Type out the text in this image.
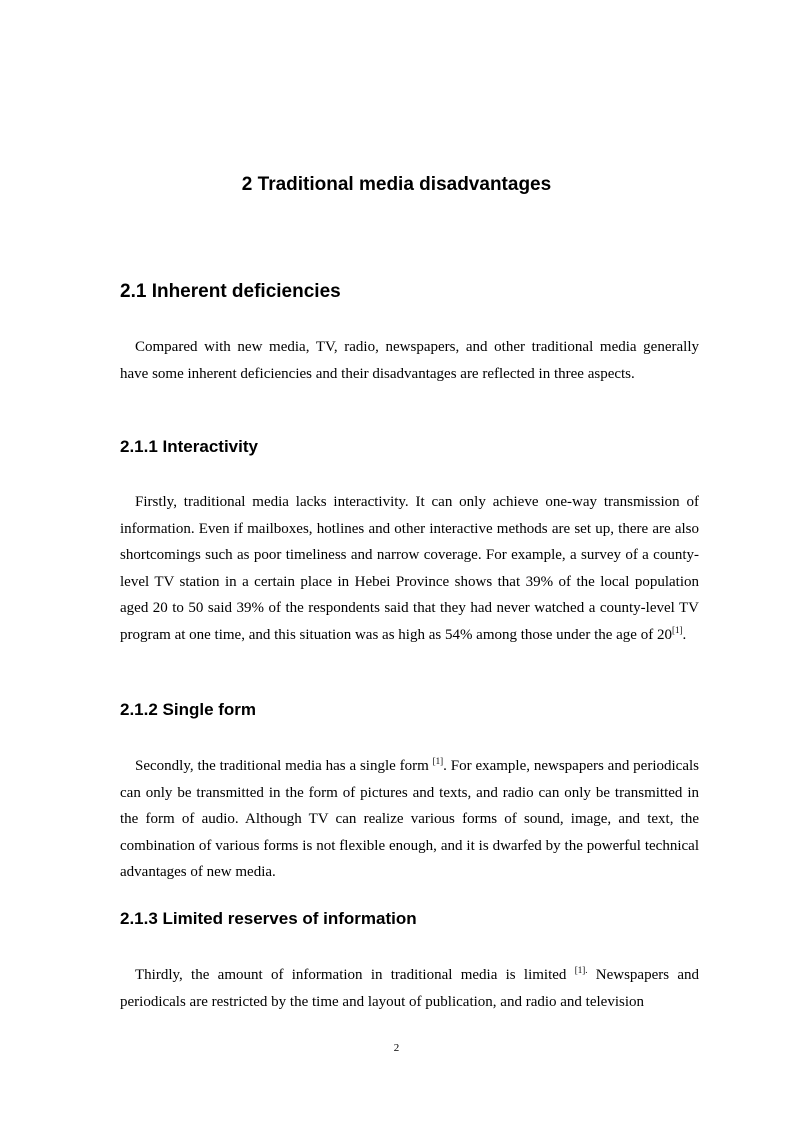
2 Traditional media disadvantages
2.1 Inherent deficiencies

Compared with new media, TV, radio, newspapers, and other traditional media generally have some inherent deficiencies and their disadvantages are reflected in three aspects.

2.1.1 Interactivity

Firstly, traditional media lacks interactivity. It can only achieve one-way transmission of information. Even if mailboxes, hotlines and other interactive methods are set up, there are also shortcomings such as poor timeliness and narrow coverage. For example, a survey of a county-level TV station in a certain place in Hebei Province shows that 39% of the local population aged 20 to 50 said 39% of the respondents said that they had never watched a county-level TV program at one time, and this situation was as high as 54% among those under the age of 20[1].

2.1.2 Single form

Secondly, the traditional media has a single form [1]. For example, newspapers and periodicals can only be transmitted in the form of pictures and texts, and radio can only be transmitted in the form of audio. Although TV can realize various forms of sound, image, and text, the combination of various forms is not flexible enough, and it is dwarfed by the powerful technical advantages of new media.

2.1.3 Limited reserves of information

Thirdly, the amount of information in traditional media is limited $^{[1].}$ Newspapers and periodicals are restricted by the time and layout of publication, and radio and television

2
